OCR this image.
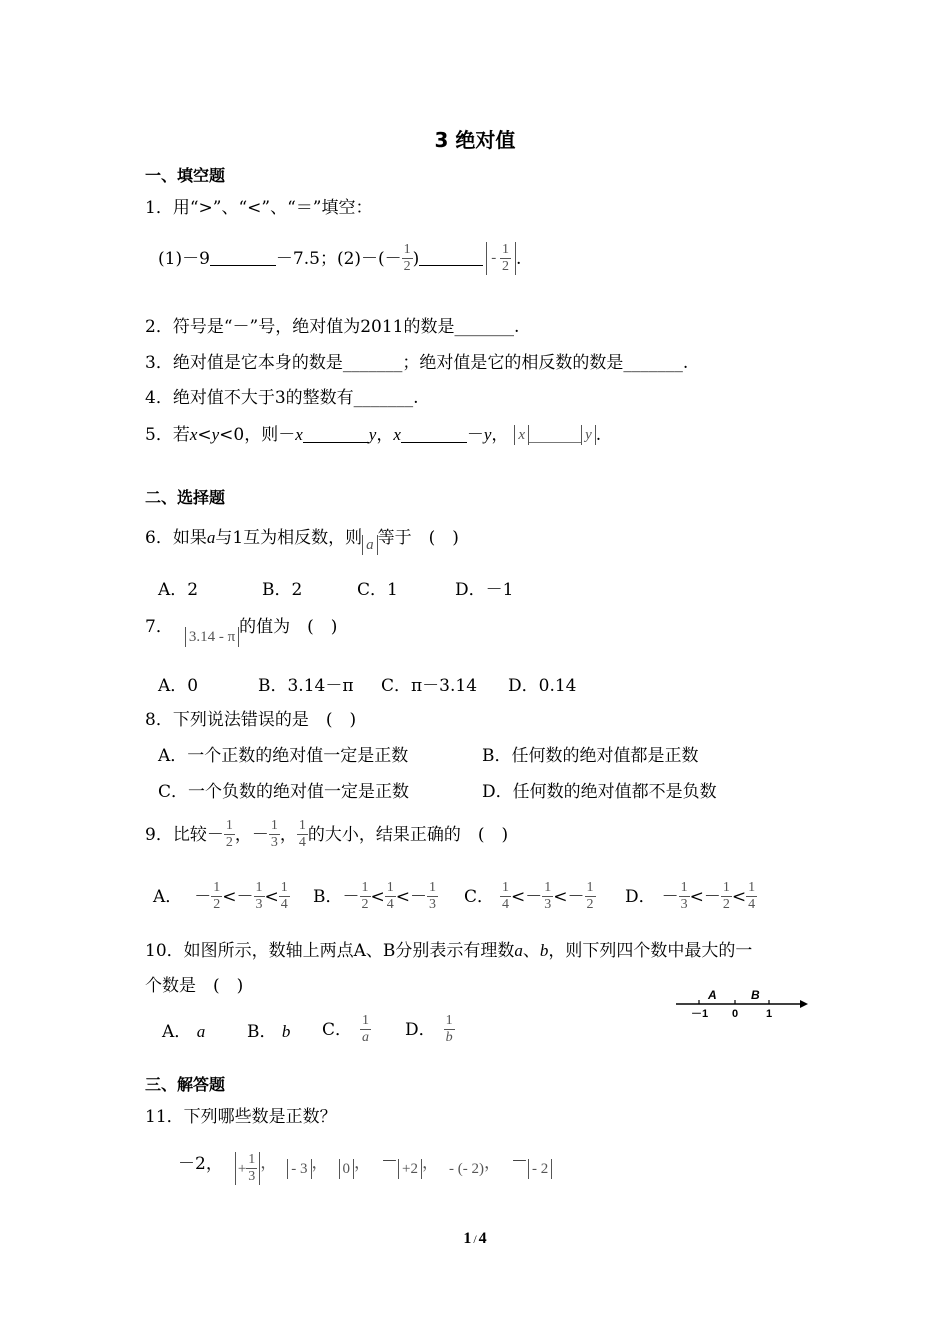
3 绝对值
一、填空题
1．用“>”、“<”、“＝”填空：
(1)－9	－7.5；$(2)-(- \frac{1}{2}$ )	- $\frac{1}{2}$ .
2．符号是“－”号，绝对值为2011的数是_______.
3．绝对值是它本身的数是_______；绝对值是它的相反数的数是_______.
4．绝对值不大于3的整数有_______.
5．若 x < y <0，则－ x	y ， x	－ y ， x	y .
二、选择题
6．如果 a 与1互为相反数，则 a 等于　(　)
A．2	B．2	C．1	D．－1
7． 3.14 - π 的值为　(　)
A．0	B．3.14－π C．π－3.14 D．0.14
8．下列说法错误的是　(　)
A．一个正数的绝对值一定是正数	B．任何数的绝对值都是正数
C．一个负数的绝对值一定是正数	D．任何数的绝对值都不是负数
9．比较－ $\frac{1}{2}$ ，－ $\frac{1}{3}$ ， $\frac{1}{4}$ 的大小，结果正确的　(　)
A． － $\frac{1}{2}$ < － $\frac{1}{3} < \frac{1}{4}$ B． － $\frac{1}{2} < \frac{1}{4}$ < － $\frac{1}{3}$ C． $\frac{1}{4}$ < － $\frac{1}{3}$ < － $\frac{1}{2}$ D． － $\frac{1}{3}$ < － $\frac{1}{2} < \frac{1}{4}$
10．如图所示，数轴上两点A、B分别表示有理数a、b，则下列四个数中最大的一
个数是　(　)	A	B
－1 0	1
A． a B． b C． $\frac{1}{a}$ D． $\frac{1}{b}$
三、解答题
11．下列哪些数是正数？
－2， + $\frac{1}{3}$ ， - 3 ， 0 ， － +2 ， - (- 2) ， － - 2
1 / 4
